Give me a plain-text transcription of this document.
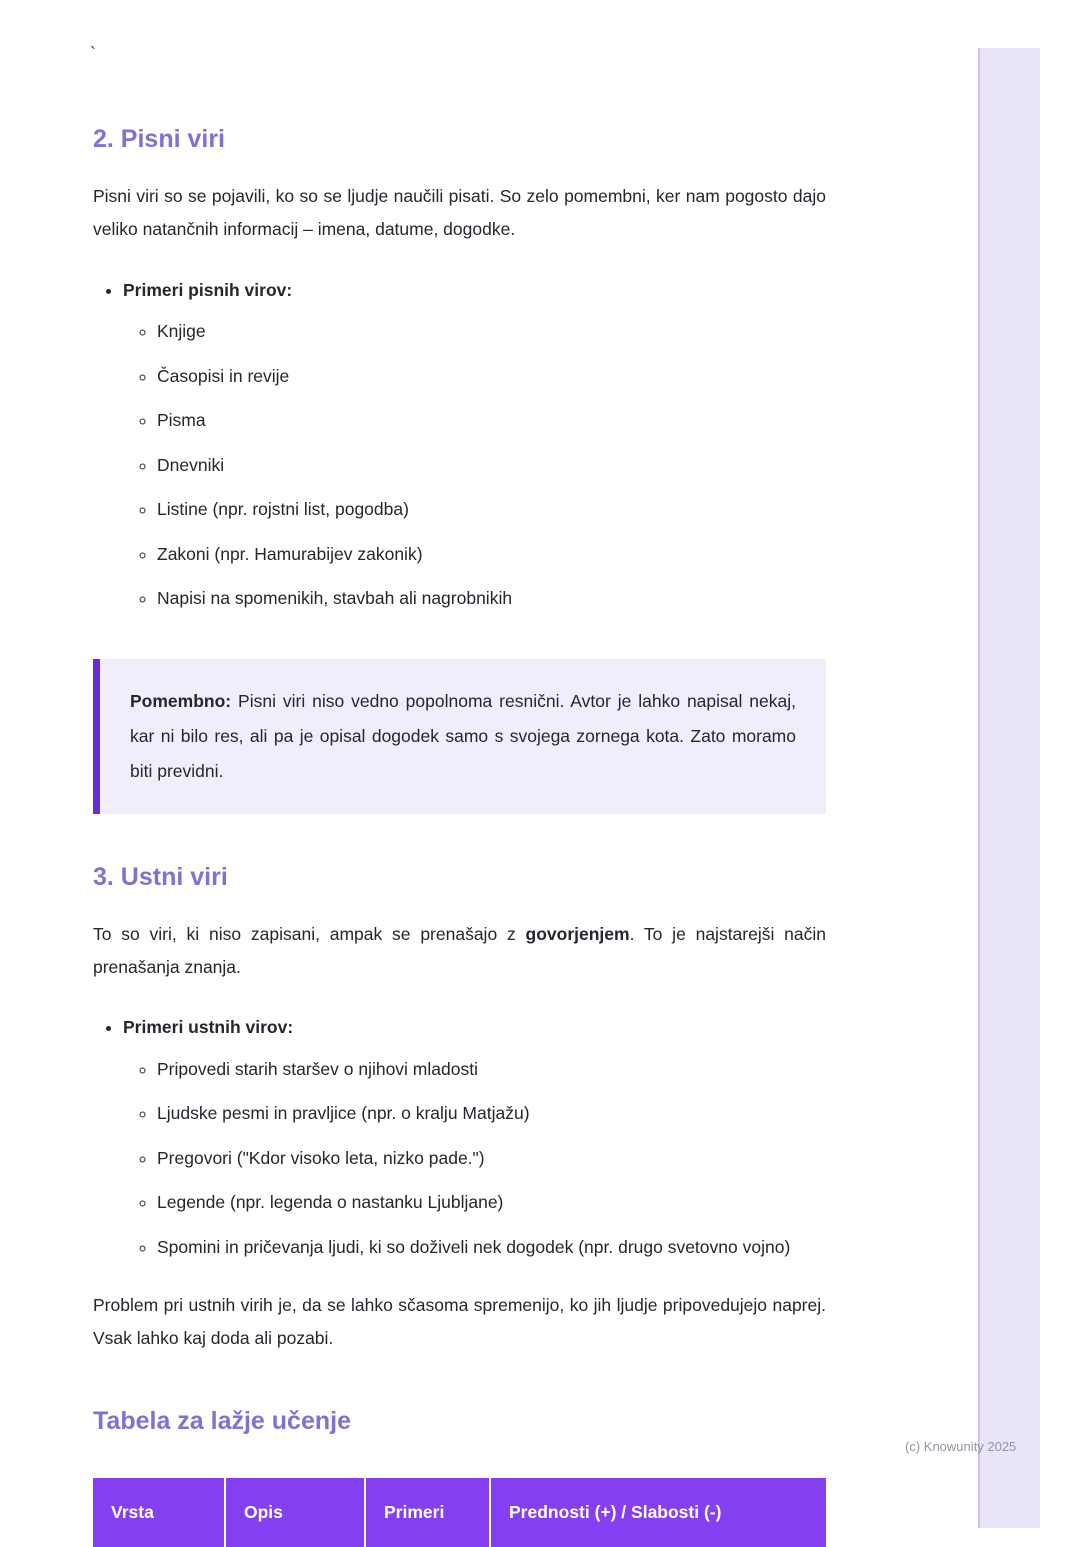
`
2. Pisni viri

Pisni viri so se pojavili, ko so se ljudje naučili pisati. So zelo pomembni, ker nam pogosto dajo veliko natančnih informacij – imena, datume, dogodke.

• Primeri pisnih virov:
◦ Knjige
◦ Časopisi in revije
◦ Pisma
◦ Dnevniki
◦ Listine (npr. rojstni list, pogodba)
◦ Zakoni (npr. Hamurabijev zakonik)
◦ Napisi na spomenikih, stavbah ali nagrobnikih

Pomembno: Pisni viri niso vedno popolnoma resnični. Avtor je lahko napisal nekaj, kar ni bilo res, ali pa je opisal dogodek samo s svojega zornega kota. Zato moramo biti previdni.

3. Ustni viri

To so viri, ki niso zapisani, ampak se prenašajo z govorjenjem. To je najstarejši način prenašanja znanja.

• Primeri ustnih virov:
◦ Pripovedi starih staršev o njihovi mladosti
◦ Ljudske pesmi in pravljice (npr. o kralju Matjažu)
◦ Pregovori ("Kdor visoko leta, nizko pade.")
◦ Legende (npr. legenda o nastanku Ljubljane)
◦ Spomini in pričevanja ljudi, ki so doživeli nek dogodek (npr. drugo svetovno vojno)

Problem pri ustnih virih je, da se lahko sčasoma spremenijo, ko jih ljudje pripovedujejo naprej. Vsak lahko kaj doda ali pozabi.

Tabela za lažje učenje
Vrsta	Opis	Primeri	Prednosti (+) / Slabosti (-)
(c) Knowunity 2025
